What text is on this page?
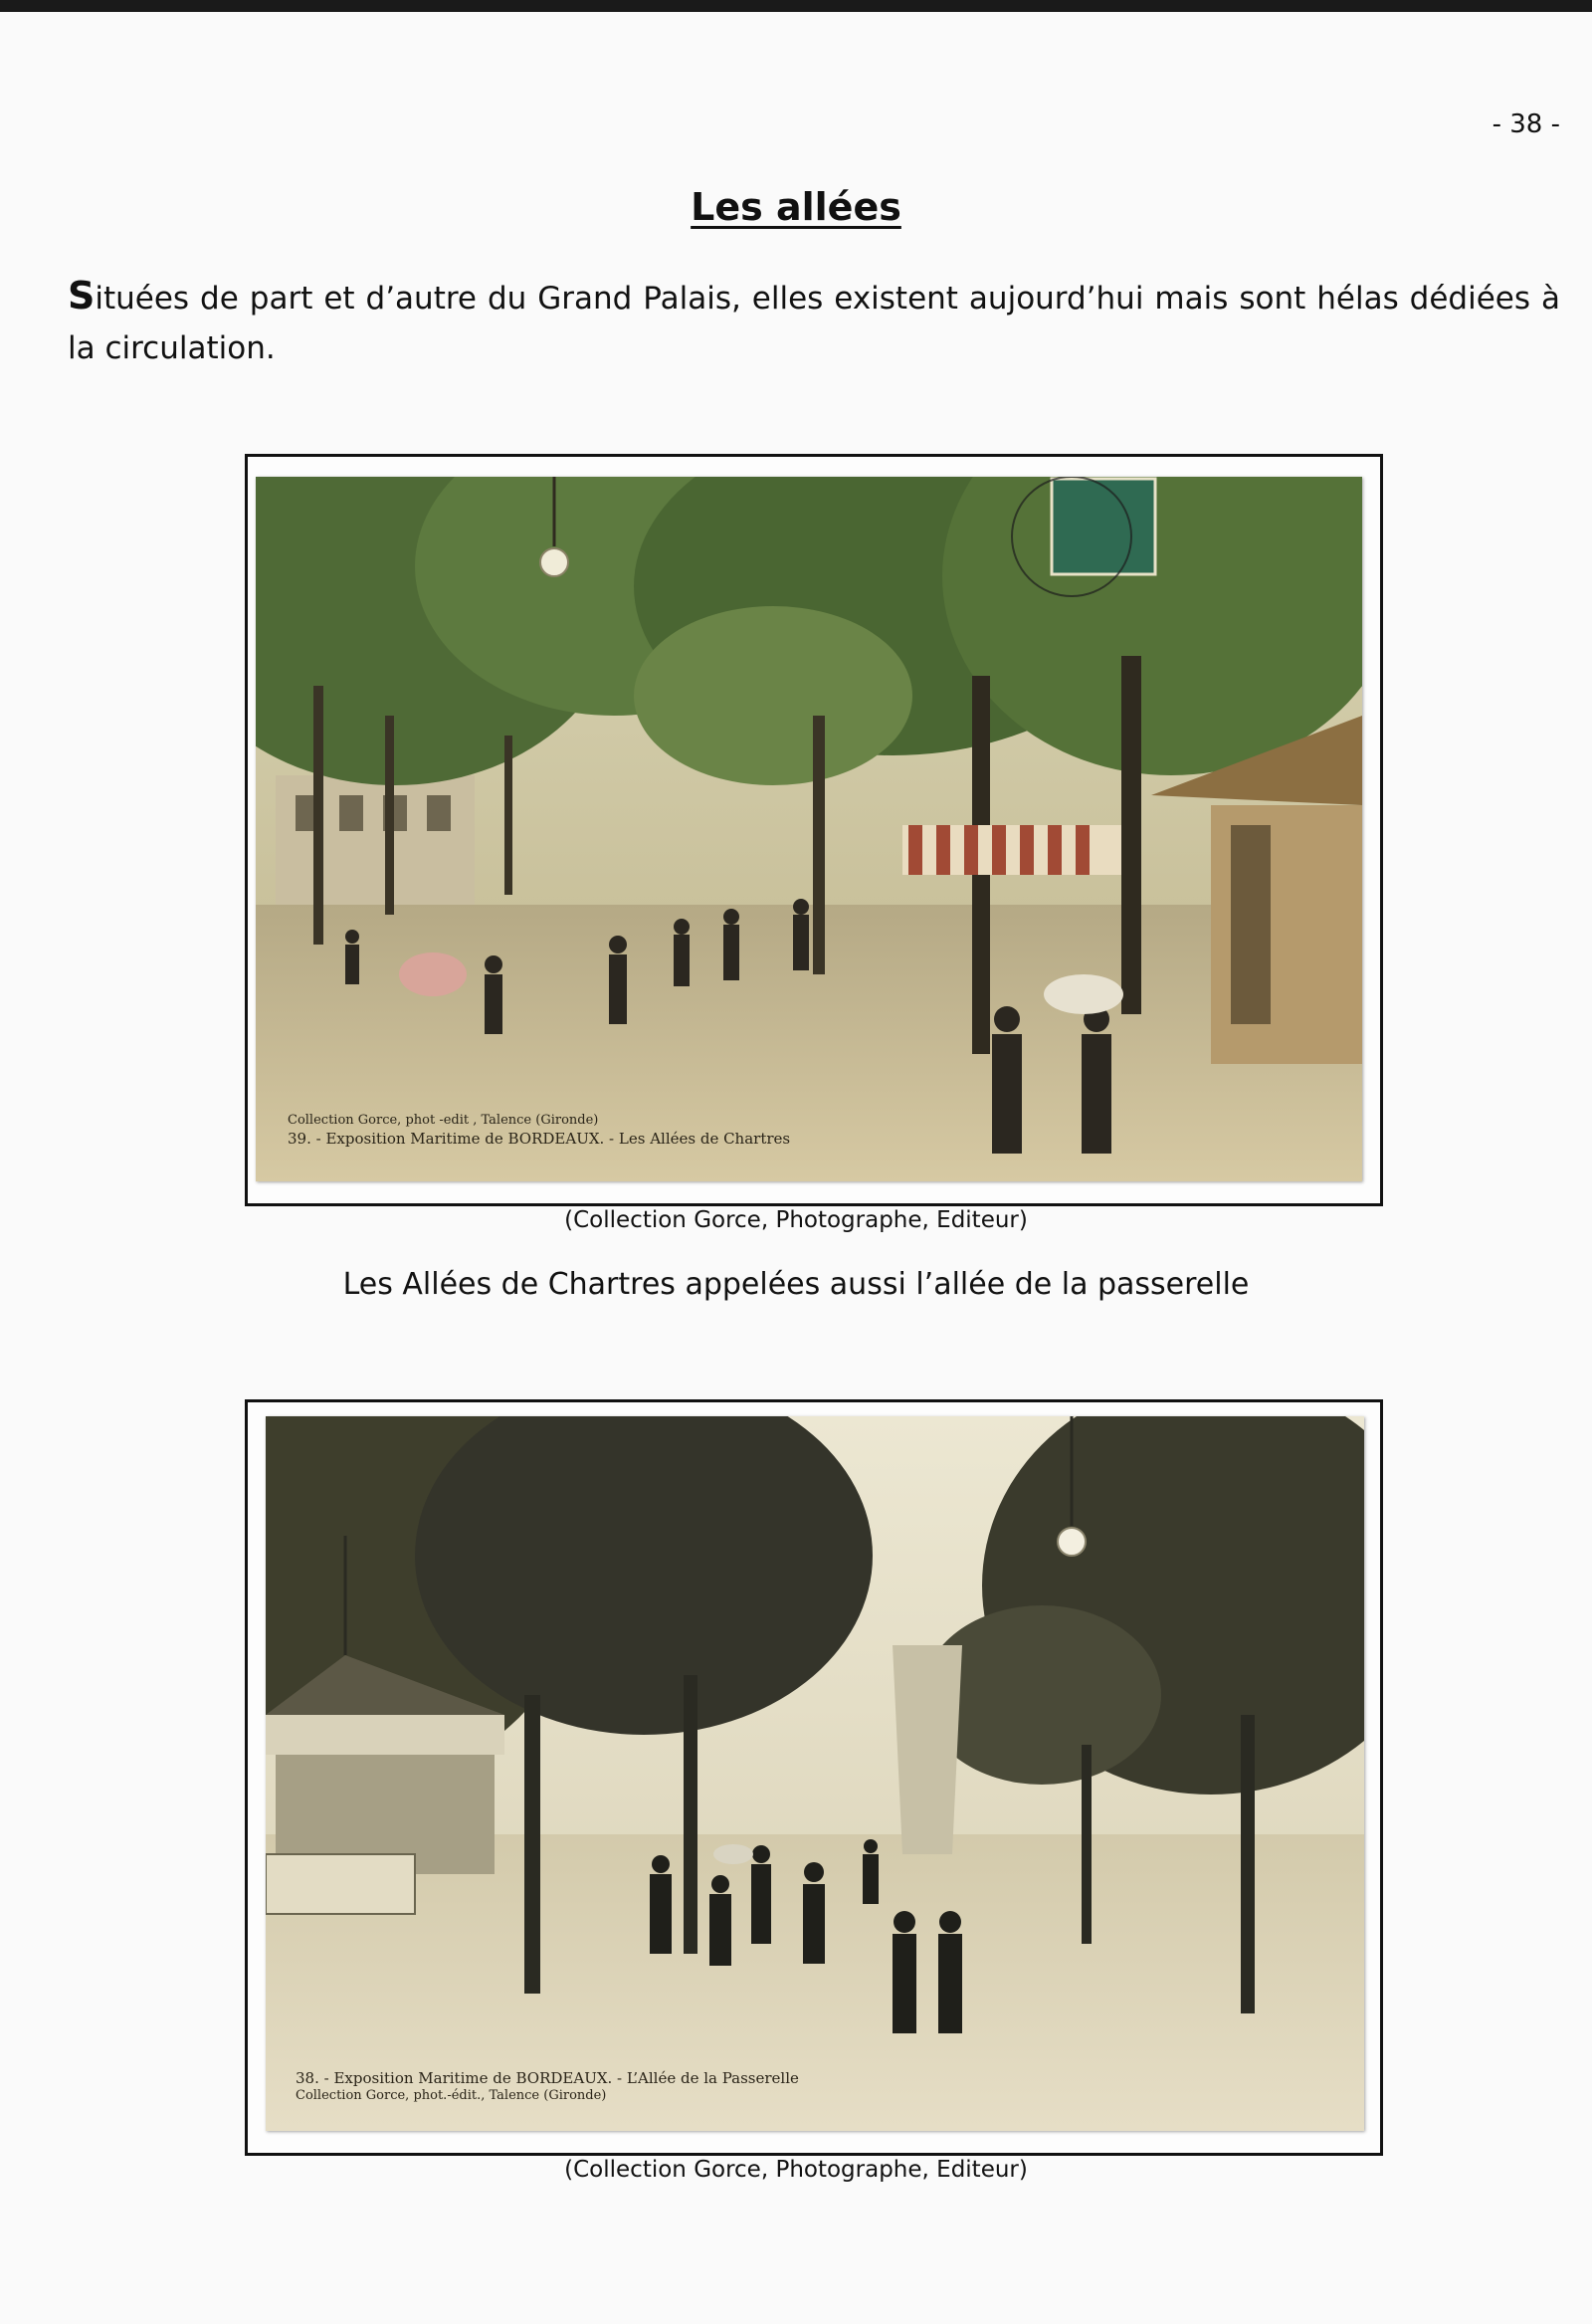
- 38 -
Les allées
Situées de part et d’autre du Grand Palais, elles existent aujourd’hui mais sont hélas dédiées à la circulation.
Collection Gorce, phot -edit , Talence (Gironde)
39. - Exposition Maritime de BORDEAUX. - Les Allées de Chartres
(Collection Gorce, Photographe, Editeur)
Les Allées de Chartres appelées aussi l’allée de la passerelle
38. - Exposition Maritime de BORDEAUX. - L’Allée de la Passerelle
Collection Gorce, phot.-édit., Talence (Gironde)
(Collection Gorce, Photographe, Editeur)
